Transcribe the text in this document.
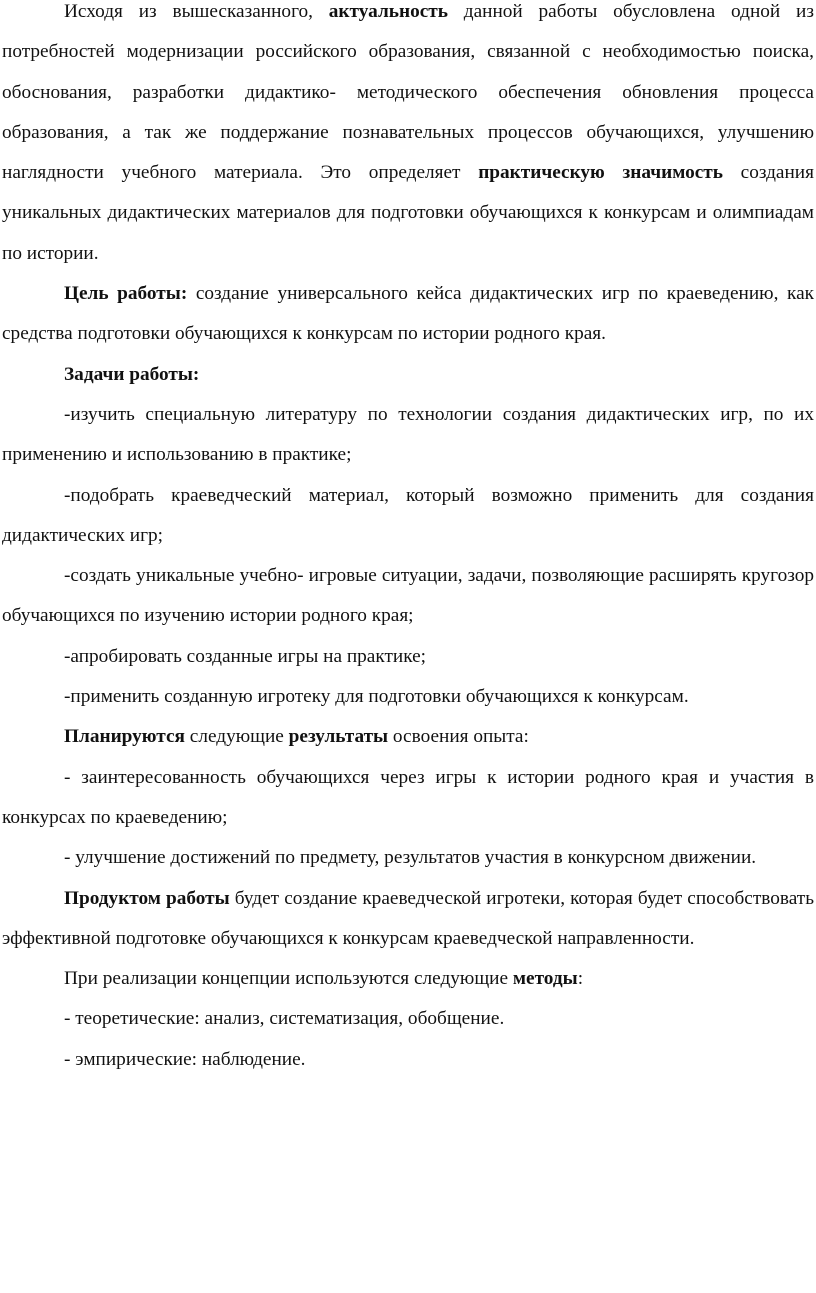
Исходя из вышесказанного, актуальность данной работы обусловлена одной из потребностей модернизации российского образования, связанной с необходимостью поиска, обоснования, разработки дидактико- методического обеспечения обновления процесса образования, а так же поддержание познавательных процессов обучающихся, улучшению наглядности учебного материала. Это определяет практическую значимость создания уникальных дидактических материалов для подготовки обучающихся к конкурсам и олимпиадам по истории.

Цель работы: создание универсального кейса дидактических игр по краеведению, как средства подготовки обучающихся к конкурсам по истории родного края.

Задачи работы:

-изучить специальную литературу по технологии создания дидактических игр, по их применению и использованию в практике;

-подобрать краеведческий материал, который возможно применить для создания дидактических игр;

-создать уникальные учебно- игровые ситуации, задачи, позволяющие расширять кругозор обучающихся по изучению истории родного края;

-апробировать созданные игры на практике;

-применить созданную игротеку для подготовки обучающихся к конкурсам.

Планируются следующие результаты освоения опыта:

- заинтересованность обучающихся через игры к истории родного края и участия в конкурсах по краеведению;

- улучшение достижений по предмету, результатов участия в конкурсном движении.

Продуктом работы будет создание краеведческой игротеки, которая будет способствовать эффективной подготовке обучающихся к конкурсам краеведческой направленности.

При реализации концепции используются следующие методы:

- теоретические: анализ, систематизация, обобщение.

- эмпирические: наблюдение.
